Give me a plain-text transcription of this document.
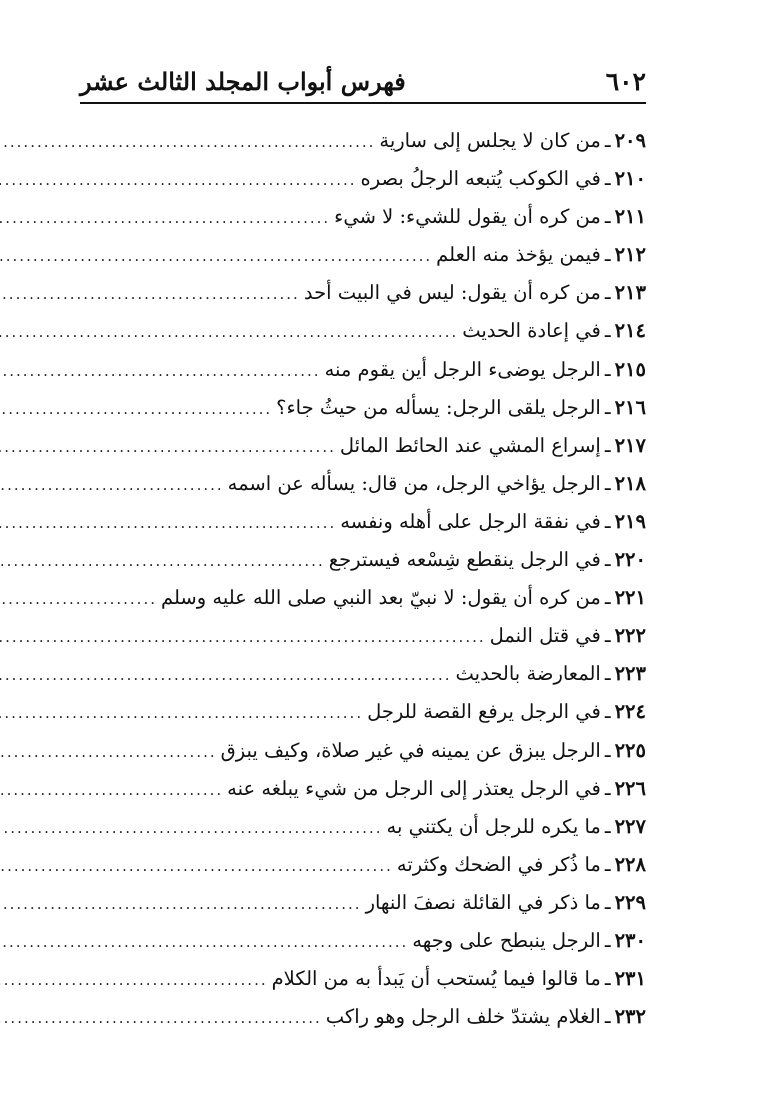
٦٠٢
فهرس أبواب المجلد الثالث عشر
٢٠٩
ـ
من كان لا يجلس إلى سارية
.....
٢١٠
ـ
في الكوكب يُتبعه الرجلُ بصره
.....
٢١١
ـ
من كره أن يقول للشيء: لا شيء
.....
٢١٢
ـ
فيمن يؤخذ منه العلم
.....
٢١٣
ـ
من كره أن يقول: ليس في البيت أحد
.....
٢١٤
ـ
في إعادة الحديث
.....
٢١٥
ـ
الرجل يوضىء الرجل أين يقوم منه
.....
٢١٦
ـ
الرجل يلقى الرجل: يسأله من حيثُ جاء؟
.....
٢١٧
ـ
إسراع المشي عند الحائط المائل
.....
٢١٨
ـ
الرجل يؤاخي الرجل، من قال: يسأله عن اسمه
.....
٢١٩
ـ
في نفقة الرجل على أهله ونفسه
.....
٢٢٠
ـ
في الرجل ينقطع شِسْعه فيسترجع
.....
٢٢١
ـ
من كره أن يقول: لا نبيّ بعد النبي صلى الله عليه وسلم
.....
٢٢٢
ـ
في قتل النمل
.....
٢٢٣
ـ
المعارضة بالحديث
.....
٢٢٤
ـ
في الرجل يرفع القصة للرجل
.....
٢٢٥
ـ
الرجل يبزق عن يمينه في غير صلاة، وكيف يبزق
.....
٢٢٦
ـ
في الرجل يعتذر إلى الرجل من شيء يبلغه عنه
.....
٢٢٧
ـ
ما يكره للرجل أن يكتني به
.....
٢٢٨
ـ
ما ذُكر في الضحك وكثرته
.....
٢٢٩
ـ
ما ذكر في القائلة نصفَ النهار
.....
٢٣٠
ـ
الرجل ينبطح على وجهه
.....
٢٣١
ـ
ما قالوا فيما يُستحب أن يَبدأ به من الكلام
.....
٢٣٢
ـ
الغلام يشتدّ خلف الرجل وهو راكب
.....
